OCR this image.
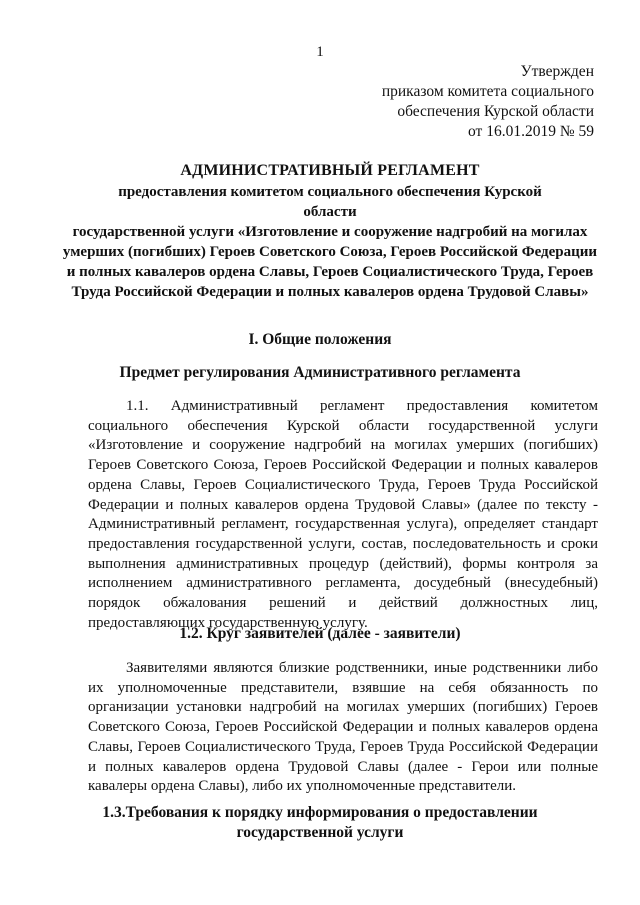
1
Утвержден
приказом комитета социального
обеспечения Курской области
от 16.01.2019 № 59
АДМИНИСТРАТИВНЫЙ РЕГЛАМЕНТ
предоставления комитетом социального обеспечения Курской области
государственной услуги «Изготовление и сооружение надгробий на могилах умерших (погибших) Героев Советского Союза, Героев Российской Федерации и полных кавалеров ордена Славы, Героев Социалистического Труда, Героев Труда Российской Федерации и полных кавалеров ордена Трудовой Славы»
I. Общие положения
Предмет регулирования Административного регламента
1.1. Административный регламент предоставления комитетом социального обеспечения Курской области государственной услуги «Изготовление и сооружение надгробий на могилах умерших (погибших) Героев Советского Союза, Героев Российской Федерации и полных кавалеров ордена Славы, Героев Социалистического Труда, Героев Труда Российской Федерации и полных кавалеров ордена Трудовой Славы» (далее по тексту - Административный регламент, государственная услуга), определяет стандарт предоставления государственной услуги, состав, последовательность и сроки выполнения административных процедур (действий), формы контроля за исполнением административного регламента, досудебный (внесудебный) порядок обжалования решений и действий должностных лиц, предоставляющих государственную услугу.
1.2. Круг заявителей (далее - заявители)
Заявителями являются близкие родственники, иные родственники либо их уполномоченные представители, взявшие на себя обязанность по организации установки надгробий на могилах умерших (погибших) Героев Советского Союза, Героев Российской Федерации и полных кавалеров ордена Славы, Героев Социалистического Труда, Героев Труда Российской Федерации и полных кавалеров ордена Трудовой Славы (далее - Герои или полные кавалеры ордена Славы), либо их уполномоченные представители.
1.3.Требования к порядку информирования о предоставлении
государственной услуги
